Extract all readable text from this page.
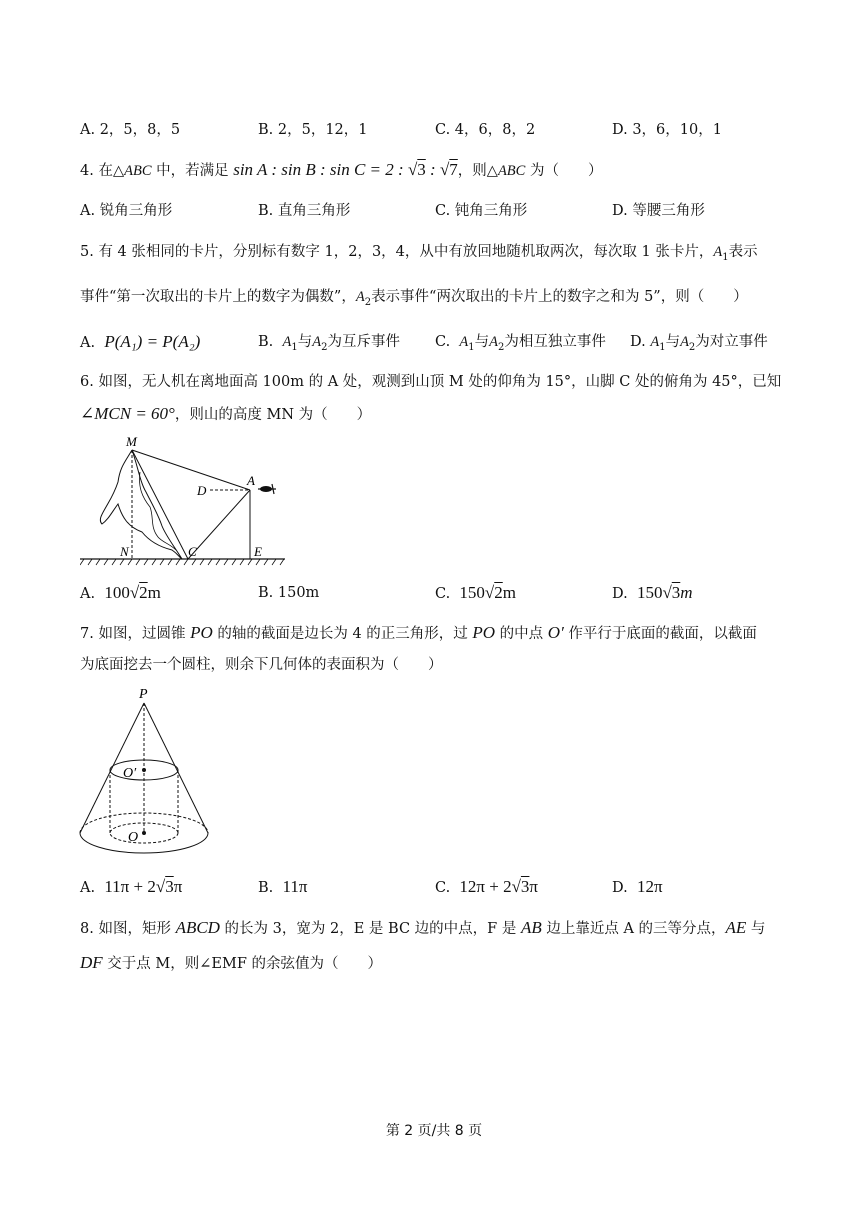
A. 2，5，8，5	B. 2，5，12，1	C. 4，6，8，2	D. 3，6，10，1
4. 在△ABC 中，若满足 sin A : sin B : sin C = 2 : √3 : √7，则△ABC 为（　　）
A. 锐角三角形	B. 直角三角形	C. 钝角三角形	D. 等腰三角形
5. 有 4 张相同的卡片，分别标有数字 1，2，3，4，从中有放回地随机取两次，每次取 1 张卡片，$A_1$表示
事件“第一次取出的卡片上的数字为偶数”，$A_2$表示事件“两次取出的卡片上的数字之和为 5”，则（　　）
A. P(A₁) = P(A₂)	B. $A_1$与$A_2$为互斥事件 C. $A_1$与$A_2$为相互独立事件 D. $A_1$与$A_2$为对立事件
6. 如图，无人机在离地面高 100m 的 A 处，观测到山顶 M 处的仰角为 15°，山脚 C 处的俯角为 45°，已知
∠MCN = 60°，则山的高度 MN 为（　　）
M
A
D
N	C	E
A. 100√2m	B. 150m	C. 150√2m	D. 150√3m
7. 如图，过圆锥 PO 的轴的截面是边长为 4 的正三角形，过 PO 的中点 O′ 作平行于底面的截面，以截面
为底面挖去一个圆柱，则余下几何体的表面积为（　　）
P
O′
O
A. 11π + 2√3π	B. 11π	C. 12π + 2√3π	D. 12π
8. 如图，矩形 ABCD 的长为 3，宽为 2，E 是 BC 边的中点，F 是 AB 边上靠近点 A 的三等分点，AE 与
DF 交于点 M，则∠EMF 的余弦值为（　　）
第 2 页/共 8 页
